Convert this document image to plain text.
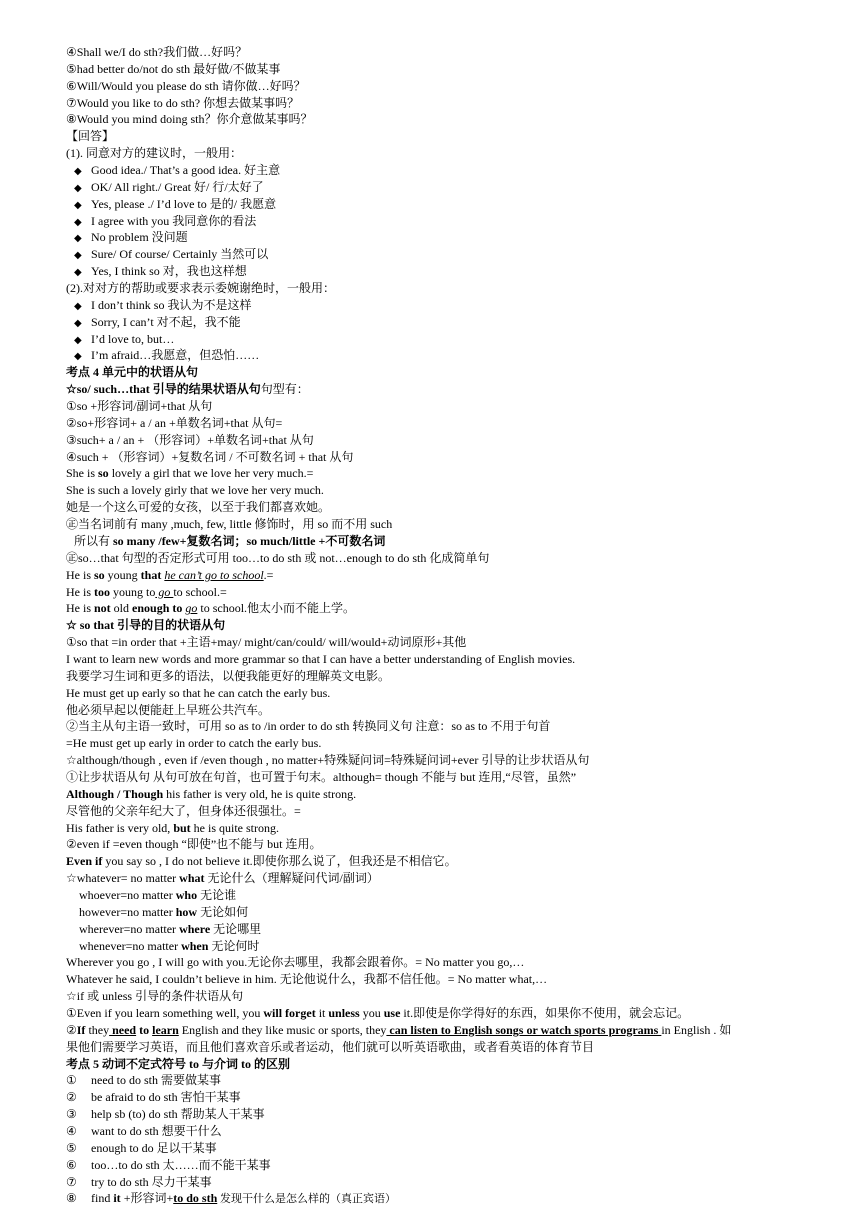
④Shall we/I do sth?我们做…好吗？
⑤had better do/not do sth 最好做/不做某事
⑥Will/Would you please do sth 请你做…好吗？
⑦Would you like to do sth? 你想去做某事吗？
⑧Would you mind doing sth？你介意做某事吗？
【回答】
(1). 同意对方的建议时，一般用：
◆ Good idea./ That’s a good idea. 好主意
◆ OK/ All right./ Great 好/ 行/太好了
◆ Yes, please ./ I’d love to 是的/ 我愿意
◆ I agree with you 我同意你的看法
◆ No problem 没问题
◆ Sure/ Of course/ Certainly 当然可以
◆ Yes, I think so 对，我也这样想
(2).对对方的帮助或要求表示委婉谢绝时，一般用：
◆ I don’t think so 我认为不是这样
◆ Sorry, I can’t 对不起，我不能
◆ I’d love to, but…
◆ I’m afraid…我愿意，但恐怕……
考点 4 单元中的状语从句
☆so/ such…that 引导的结果状语从句句型有：
①so +形容词/副词+that 从句
②so+形容词+ a / an +单数名词+that 从句=
③such+ a / an + （形容词）+单数名词+that 从句
④such + （形容词）+复数名词 / 不可数名词 + that 从句
She is so lovely a girl that we love her very much.=
She is such a lovely girly that we love her very much.
她是一个这么可爱的女孩，以至于我们都喜欢她。
㊣当名词前有 many ,much, few, little 修饰时，用 so 而不用 such
所以有 so many /few+复数名词；so much/little +不可数名词
㊣so…that 句型的否定形式可用 too…to do sth 或 not…enough to do sth 化成简单句
He is so young that he can’t go to school.=
He is too young to go to school.=
He is not old enough to go to school.他太小而不能上学。
☆ so that 引导的目的状语从句
①so that =in order that +主语+may/ might/can/could/ will/would+动词原形+其他
I want to learn new words and more grammar so that I can have a better understanding of English movies.
我要学习生词和更多的语法，以便我能更好的理解英文电影。
He must get up early so that he can catch the early bus.
他必须早起以便能赶上早班公共汽车。
②当主从句主语一致时，可用 so as to /in order to do sth 转换同义句 注意：so as to 不用于句首
=He must get up early in order to catch the early bus.
☆although/though , even if /even though , no matter+特殊疑问词=特殊疑问词+ever 引导的让步状语从句
①让步状语从句 从句可放在句首，也可置于句末。although= though 不能与 but 连用,“尽管，虽然”
Although / Though his father is very old, he is quite strong.
尽管他的父亲年纪大了，但身体还很强壮。=
His father is very old, but he is quite strong.
②even if =even though “即使”也不能与 but 连用。
Even if you say so , I do not believe it.即使你那么说了，但我还是不相信它。
☆whatever= no matter what 无论什么（理解疑问代词/副词）
whoever=no matter who 无论谁
however=no matter how 无论如何
wherever=no matter where 无论哪里
whenever=no matter when 无论何时
Wherever you go , I will go with you.无论你去哪里，我都会跟着你。= No matter you go,…
Whatever he said, I couldn’t believe in him. 无论他说什么，我都不信任他。= No matter what,…
☆if 或 unless 引导的条件状语从句
①Even if you learn something well, you will forget it unless you use it.即使是你学得好的东西，如果你不使用，就会忘记。
②If they need to learn English and they like music or sports, they can listen to English songs or watch sports programs in English . 如
果他们需要学习英语，而且他们喜欢音乐或者运动，他们就可以听英语歌曲，或者看英语的体育节目
考点 5 动词不定式符号 to 与介词 to 的区别
① need to do sth 需要做某事
② be afraid to do sth 害怕干某事
③ help sb (to) do sth 帮助某人干某事
④ want to do sth 想要干什么
⑤ enough to do 足以干某事
⑥ too…to do sth 太……而不能干某事
⑦ try to do sth 尽力干某事
⑧ find it +形容词+to do sth 发现干什么是怎么样的（真正宾语）
